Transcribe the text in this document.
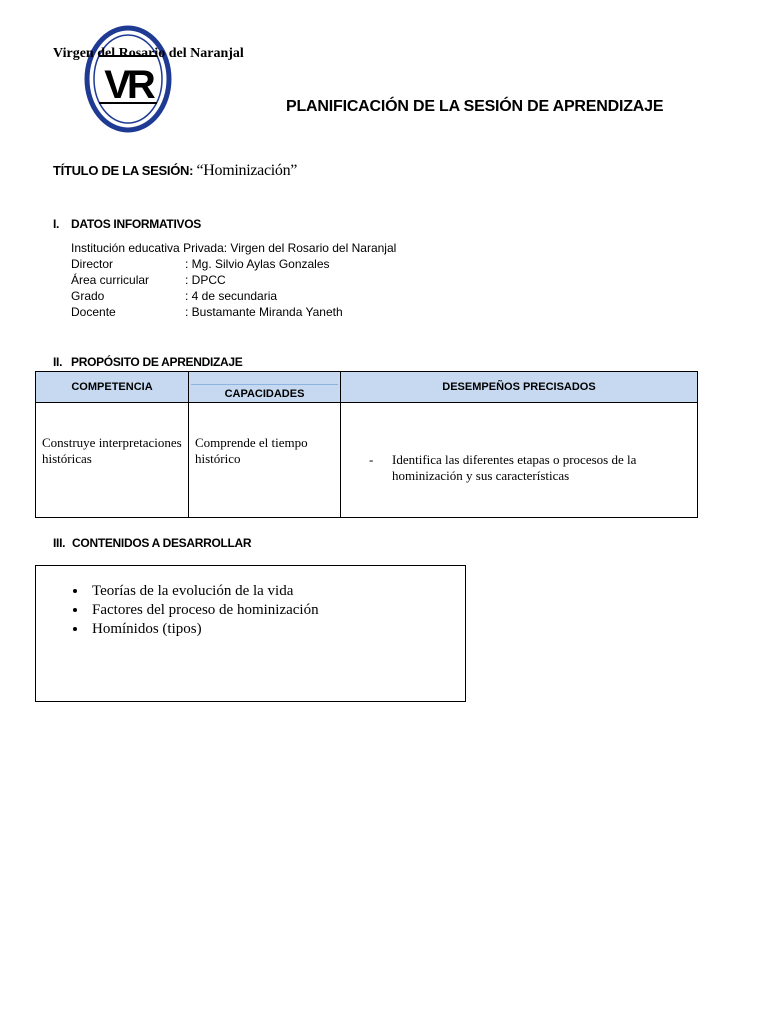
VR
Virgen del Rosario del Naranjal
PLANIFICACIÓN DE LA SESIÓN DE APRENDIZAJE
TÍTULO DE LA SESIÓN: “Hominización”
I. DATOS INFORMATIVOS
Institución educativa Privada: Virgen del Rosario del Naranjal
Director	: Mg. Silvio Aylas Gonzales
Área curricular	: DPCC
Grado	: 4 de secundaria
Docente	: Bustamante Miranda Yaneth
II. PROPÓSITO DE APRENDIZAJE
COMPETENCIA	CAPACIDADES	DESEMPEÑOS PRECISADOS

Construye interpretaciones históricas	Comprende el tiempo histórico	- Identifica las diferentes etapas o procesos de la hominización y sus características
III. CONTENIDOS A DESARROLLAR
• Teorías de la evolución de la vida
• Factores del proceso de hominización
• Homínidos (tipos)
